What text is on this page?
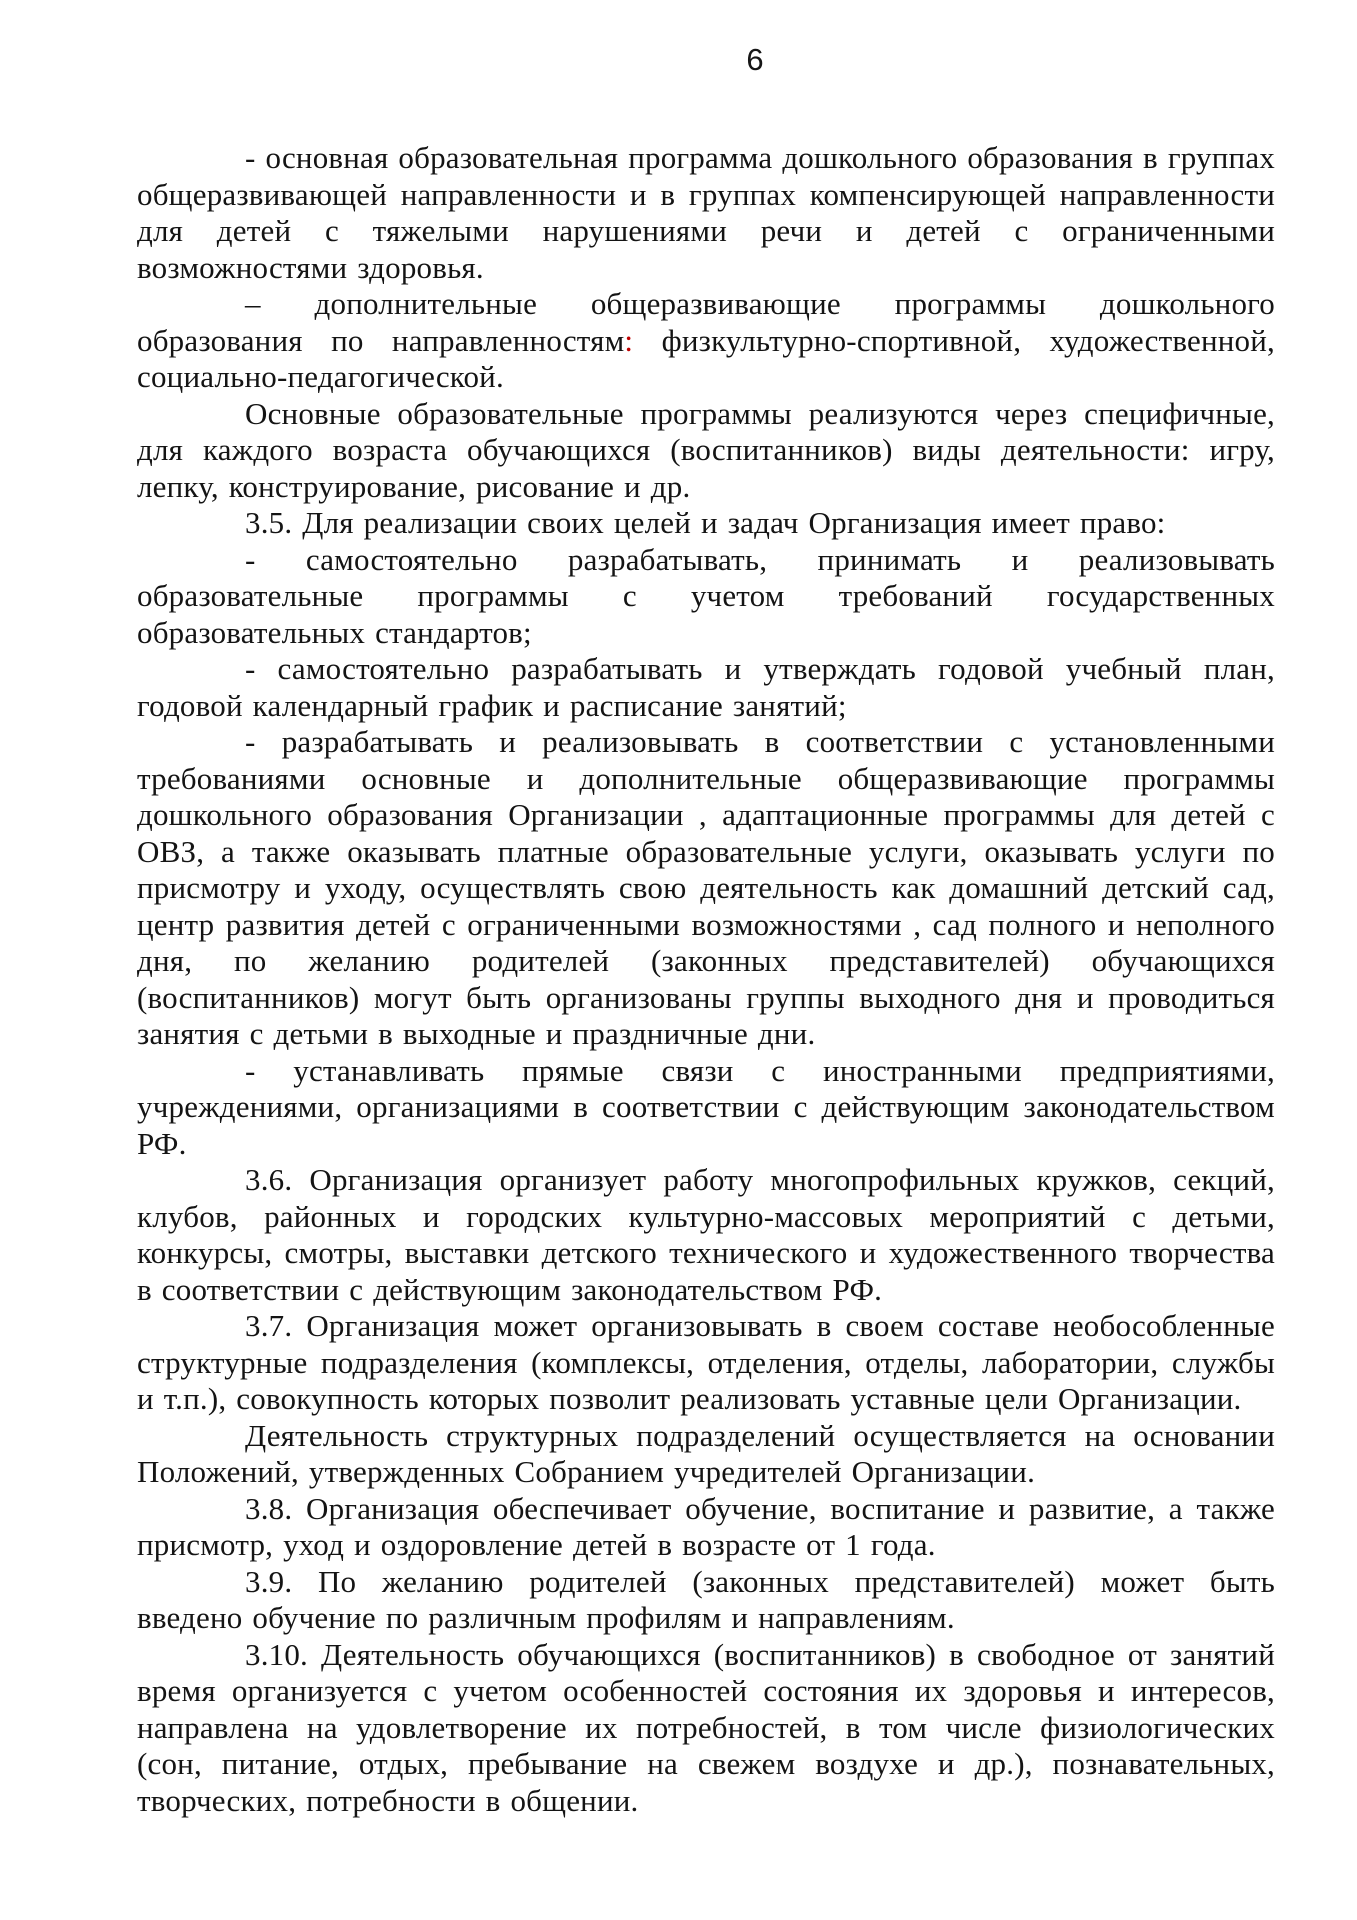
6

- основная образовательная программа дошкольного образования в группах общеразвивающей направленности и в группах компенсирующей направленности для детей с тяжелыми нарушениями речи и детей с ограниченными возможностями здоровья.

– дополнительные общеразвивающие программы дошкольного образования по направленностям: физкультурно-спортивной, художественной, социально-педагогической.

Основные образовательные программы реализуются через специфичные, для каждого возраста обучающихся (воспитанников) виды деятельности: игру, лепку, конструирование, рисование и др.

3.5. Для реализации своих целей и задач Организация имеет право:

- самостоятельно разрабатывать, принимать и реализовывать образовательные программы с учетом требований государственных образовательных стандартов;

- самостоятельно разрабатывать и утверждать годовой учебный план, годовой календарный график и расписание занятий;

- разрабатывать и реализовывать в соответствии с установленными требованиями основные и дополнительные общеразвивающие программы дошкольного образования Организации , адаптационные программы для детей с ОВЗ, а также оказывать платные образовательные услуги, оказывать услуги по присмотру и уходу, осуществлять свою деятельность как домашний детский сад, центр развития детей с ограниченными возможностями , сад полного и неполного дня, по желанию родителей (законных представителей) обучающихся (воспитанников) могут быть организованы группы выходного дня и проводиться занятия с детьми в выходные и праздничные дни.

- устанавливать прямые связи с иностранными предприятиями, учреждениями, организациями в соответствии с действующим законодательством РФ.

3.6. Организация организует работу многопрофильных кружков, секций, клубов, районных и городских культурно-массовых мероприятий с детьми, конкурсы, смотры, выставки детского технического и художественного творчества в соответствии с действующим законодательством РФ.

3.7. Организация может организовывать в своем составе необособленные структурные подразделения (комплексы, отделения, отделы, лаборатории, службы и т.п.), совокупность которых позволит реализовать уставные цели Организации.

Деятельность структурных подразделений осуществляется на основании Положений, утвержденных Собранием учредителей Организации.

3.8. Организация обеспечивает обучение, воспитание и развитие, а также присмотр, уход и оздоровление детей в возрасте от 1 года.

3.9. По желанию родителей (законных представителей) может быть введено обучение по различным профилям и направлениям.

3.10. Деятельность обучающихся (воспитанников) в свободное от занятий время организуется с учетом особенностей состояния их здоровья и интересов, направлена на удовлетворение их потребностей, в том числе физиологических (сон, питание, отдых, пребывание на свежем воздухе и др.), познавательных, творческих, потребности в общении.
